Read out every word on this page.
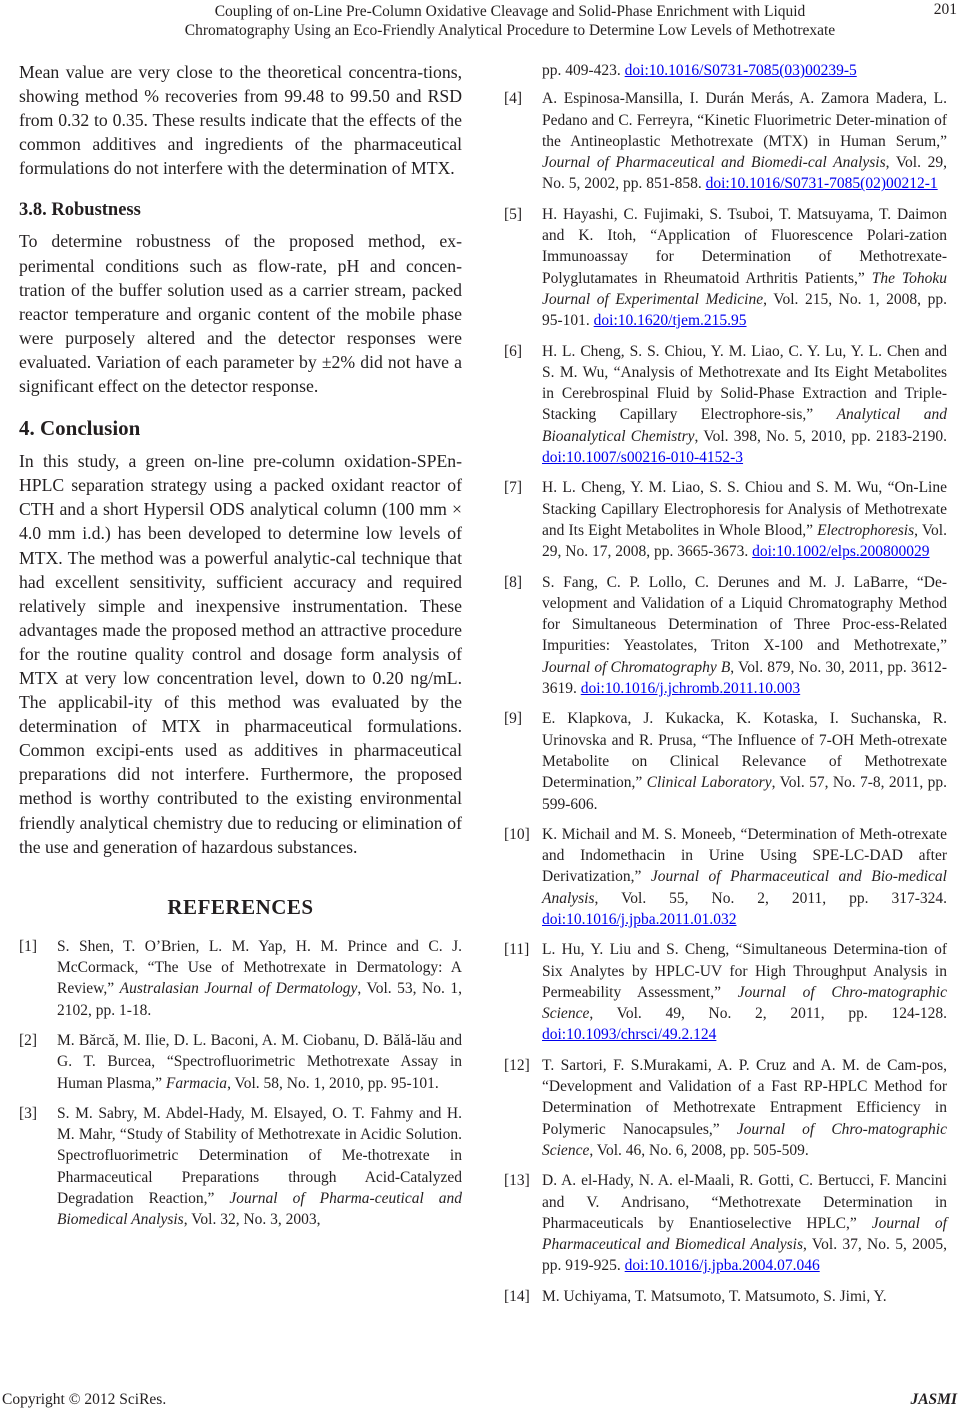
Coupling of on-Line Pre-Column Oxidative Cleavage and Solid-Phase Enrichment with Liquid
Chromatography Using an Eco-Friendly Analytical Procedure to Determine Low Levels of Methotrexate
201

Mean value are very close to the theoretical concentra-tions, showing method % recoveries from 99.48 to 99.50 and RSD from 0.32 to 0.35. These results indicate that the effects of the common additives and ingredients of the pharmaceutical formulations do not interfere with the determination of MTX.

3.8. Robustness

To determine robustness of the proposed method, ex-perimental conditions such as flow-rate, pH and concen-tration of the buffer solution used as a carrier stream, packed reactor temperature and organic content of the mobile phase were purposely altered and the detector responses were evaluated. Variation of each parameter by ±2% did not have a significant effect on the detector response.

4. Conclusion

In this study, a green on-line pre-column oxidation-SPEn-HPLC separation strategy using a packed oxidant reactor of CTH and a short Hypersil ODS analytical column (100 mm × 4.0 mm i.d.) has been developed to determine low levels of MTX. The method was a powerful analytic-cal technique that had excellent sensitivity, sufficient accuracy and required relatively simple and inexpensive instrumentation. These advantages made the proposed method an attractive procedure for the routine quality control and dosage form analysis of MTX at very low concentration level, down to 0.20 ng/mL. The applicabil-ity of this method was evaluated by the determination of MTX in pharmaceutical formulations. Common excipi-ents used as additives in pharmaceutical preparations did not interfere. Furthermore, the proposed method is worthy contributed to the existing environmental friendly analytical chemistry due to reducing or elimination of the use and generation of hazardous substances.

REFERENCES
[1] S. Shen, T. O’Brien, L. M. Yap, H. M. Prince and C. J. McCormack, “The Use of Methotrexate in Dermatology: A Review,” Australasian Journal of Dermatology, Vol. 53, No. 1, 2102, pp. 1-18.
[2] M. Bărcă, M. Ilie, D. L. Baconi, A. M. Ciobanu, D. Bălă-lău and G. T. Burcea, “Spectrofluorimetric Methotrexate Assay in Human Plasma,” Farmacia, Vol. 58, No. 1, 2010, pp. 95-101.
[3] S. M. Sabry, M. Abdel-Hady, M. Elsayed, O. T. Fahmy and H. M. Mahr, “Study of Stability of Methotrexate in Acidic Solution. Spectrofluorimetric Determination of Me-thotrexate in Pharmaceutical Preparations through Acid-Catalyzed Degradation Reaction,” Journal of Pharma-ceutical and Biomedical Analysis, Vol. 32, No. 3, 2003,
pp. 409-423. doi:10.1016/S0731-7085(03)00239-5
[4] A. Espinosa-Mansilla, I. Durán Merás, A. Zamora Madera, L. Pedano and C. Ferreyra, “Kinetic Fluorimetric Deter-mination of the Antineoplastic Methotrexate (MTX) in Human Serum,” Journal of Pharmaceutical and Biomedi-cal Analysis, Vol. 29, No. 5, 2002, pp. 851-858. doi:10.1016/S0731-7085(02)00212-1
[5] H. Hayashi, C. Fujimaki, S. Tsuboi, T. Matsuyama, T. Daimon and K. Itoh, “Application of Fluorescence Polari-zation Immunoassay for Determination of Methotrexate-Polyglutamates in Rheumatoid Arthritis Patients,” The Tohoku Journal of Experimental Medicine, Vol. 215, No. 1, 2008, pp. 95-101. doi:10.1620/tjem.215.95
[6] H. L. Cheng, S. S. Chiou, Y. M. Liao, C. Y. Lu, Y. L. Chen and S. M. Wu, “Analysis of Methotrexate and Its Eight Metabolites in Cerebrospinal Fluid by Solid-Phase Extraction and Triple-Stacking Capillary Electrophore-sis,” Analytical and Bioanalytical Chemistry, Vol. 398, No. 5, 2010, pp. 2183-2190. doi:10.1007/s00216-010-4152-3
[7] H. L. Cheng, Y. M. Liao, S. S. Chiou and S. M. Wu, “On-Line Stacking Capillary Electrophoresis for Analysis of Methotrexate and Its Eight Metabolites in Whole Blood,” Electrophoresis, Vol. 29, No. 17, 2008, pp. 3665-3673. doi:10.1002/elps.200800029
[8] S. Fang, C. P. Lollo, C. Derunes and M. J. LaBarre, “De-velopment and Validation of a Liquid Chromatography Method for Simultaneous Determination of Three Proc-ess-Related Impurities: Yeastolates, Triton X-100 and Methotrexate,” Journal of Chromatography B, Vol. 879, No. 30, 2011, pp. 3612-3619. doi:10.1016/j.jchromb.2011.10.003
[9] E. Klapkova, J. Kukacka, K. Kotaska, I. Suchanska, R. Urinovska and R. Prusa, “The Influence of 7-OH Meth-otrexate Metabolite on Clinical Relevance of Methotrexate Determination,” Clinical Laboratory, Vol. 57, No. 7-8, 2011, pp. 599-606.
[10] K. Michail and M. S. Moneeb, “Determination of Meth-otrexate and Indomethacin in Urine Using SPE-LC-DAD after Derivatization,” Journal of Pharmaceutical and Bio-medical Analysis, Vol. 55, No. 2, 2011, pp. 317-324. doi:10.1016/j.jpba.2011.01.032
[11] L. Hu, Y. Liu and S. Cheng, “Simultaneous Determina-tion of Six Analytes by HPLC-UV for High Throughput Analysis in Permeability Assessment,” Journal of Chro-matographic Science, Vol. 49, No. 2, 2011, pp. 124-128. doi:10.1093/chrsci/49.2.124
[12] T. Sartori, F. S.Murakami, A. P. Cruz and A. M. de Cam-pos, “Development and Validation of a Fast RP-HPLC Method for Determination of Methotrexate Entrapment Efficiency in Polymeric Nanocapsules,” Journal of Chro-matographic Science, Vol. 46, No. 6, 2008, pp. 505-509.
[13] D. A. el-Hady, N. A. el-Maali, R. Gotti, C. Bertucci, F. Mancini and V. Andrisano, “Methotrexate Determination in Pharmaceuticals by Enantioselective HPLC,” Journal of Pharmaceutical and Biomedical Analysis, Vol. 37, No. 5, 2005, pp. 919-925. doi:10.1016/j.jpba.2004.07.046
[14] M. Uchiyama, T. Matsumoto, T. Matsumoto, S. Jimi, Y.
Copyright © 2012 SciRes.	JASMI
